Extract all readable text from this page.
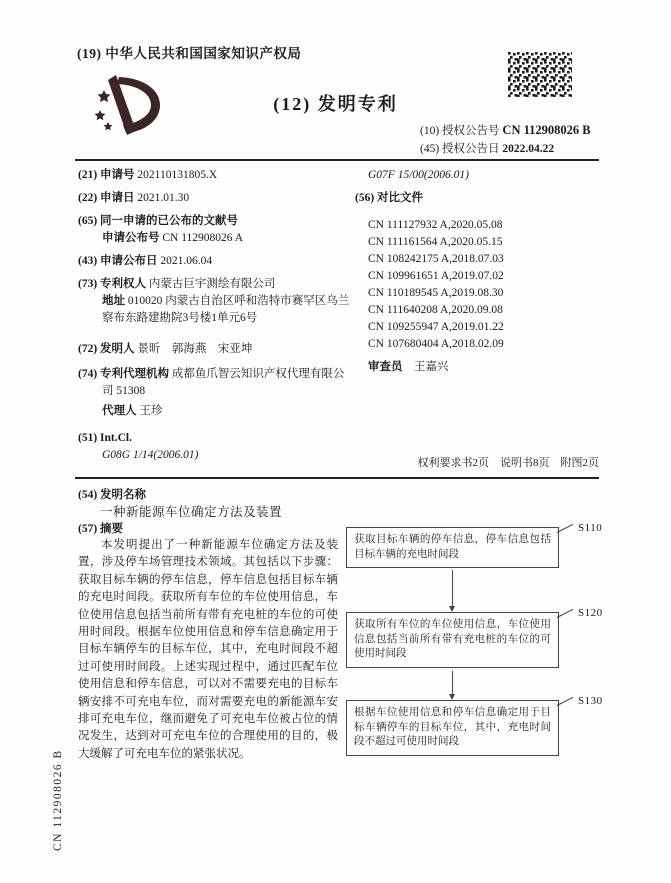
(19) 中华人民共和国国家知识产权局
(12) 发明专利

(10) 授权公告号 CN 112908026 B

(45) 授权公告日 2022.04.22

(21) 申请号 202110131805.X

(22) 申请日 2021.01.30

(65) 同一申请的已公布的文献号

申请公布号 CN 112908026 A

(43) 申请公布日 2021.06.04

(73) 专利权人 内蒙古巨宇测绘有限公司

地址 010020 内蒙古自治区呼和浩特市赛罕区乌兰察布东路建勘院3号楼1单元6号

(72) 发明人 景昕　郭海燕　宋亚坤

(74) 专利代理机构 成都鱼爪智云知识产权代理有限公司 51308

代理人 王珍

(51) Int.Cl.

G08G 1/14(2006.01)

G07F 15/00(2006.01)

(56) 对比文件

CN 111127932 A,2020.05.08

CN 111161564 A,2020.05.15

CN 108242175 A,2018.07.03

CN 109961651 A,2019.07.02

CN 110189545 A,2019.08.30

CN 111640208 A,2020.09.08

CN 109255947 A,2019.01.22

CN 107680404 A,2018.02.09

审查员　 王嘉兴

权利要求书2页　说明书8页　附图2页

(54) 发明名称

一种新能源车位确定方法及装置

(57) 摘要

本发明提出了一种新能源车位确定方法及装置，涉及停车场管理技术领域。其包括以下步骤：获取目标车辆的停车信息，停车信息包括目标车辆的充电时间段。获取所有车位的车位使用信息，车位使用信息包括当前所有带有充电桩的车位的可使用时间段。根据车位使用信息和停车信息确定用于目标车辆停车的目标车位，其中，充电时间段不超过可使用时间段。上述实现过程中，通过匹配车位使用信息和停车信息，可以对不需要充电的目标车辆安排不可充电车位，而对需要充电的新能源车安排可充电车位，继而避免了可充电车位被占位的情况发生，达到对可充电车位的合理使用的目的，极大缓解了可充电车位的紧张状况。

获取目标车辆的停车信息，停车信息包括目标车辆的充电时间段
S110
获取所有车位的车位使用信息，车位使用信息包括当前所有带有充电桩的车位的可使用时间段
S120
根据车位使用信息和停车信息确定用于目标车辆停车的目标车位，其中，充电时间段不超过可使用时间段
S130
CN 112908026 B
